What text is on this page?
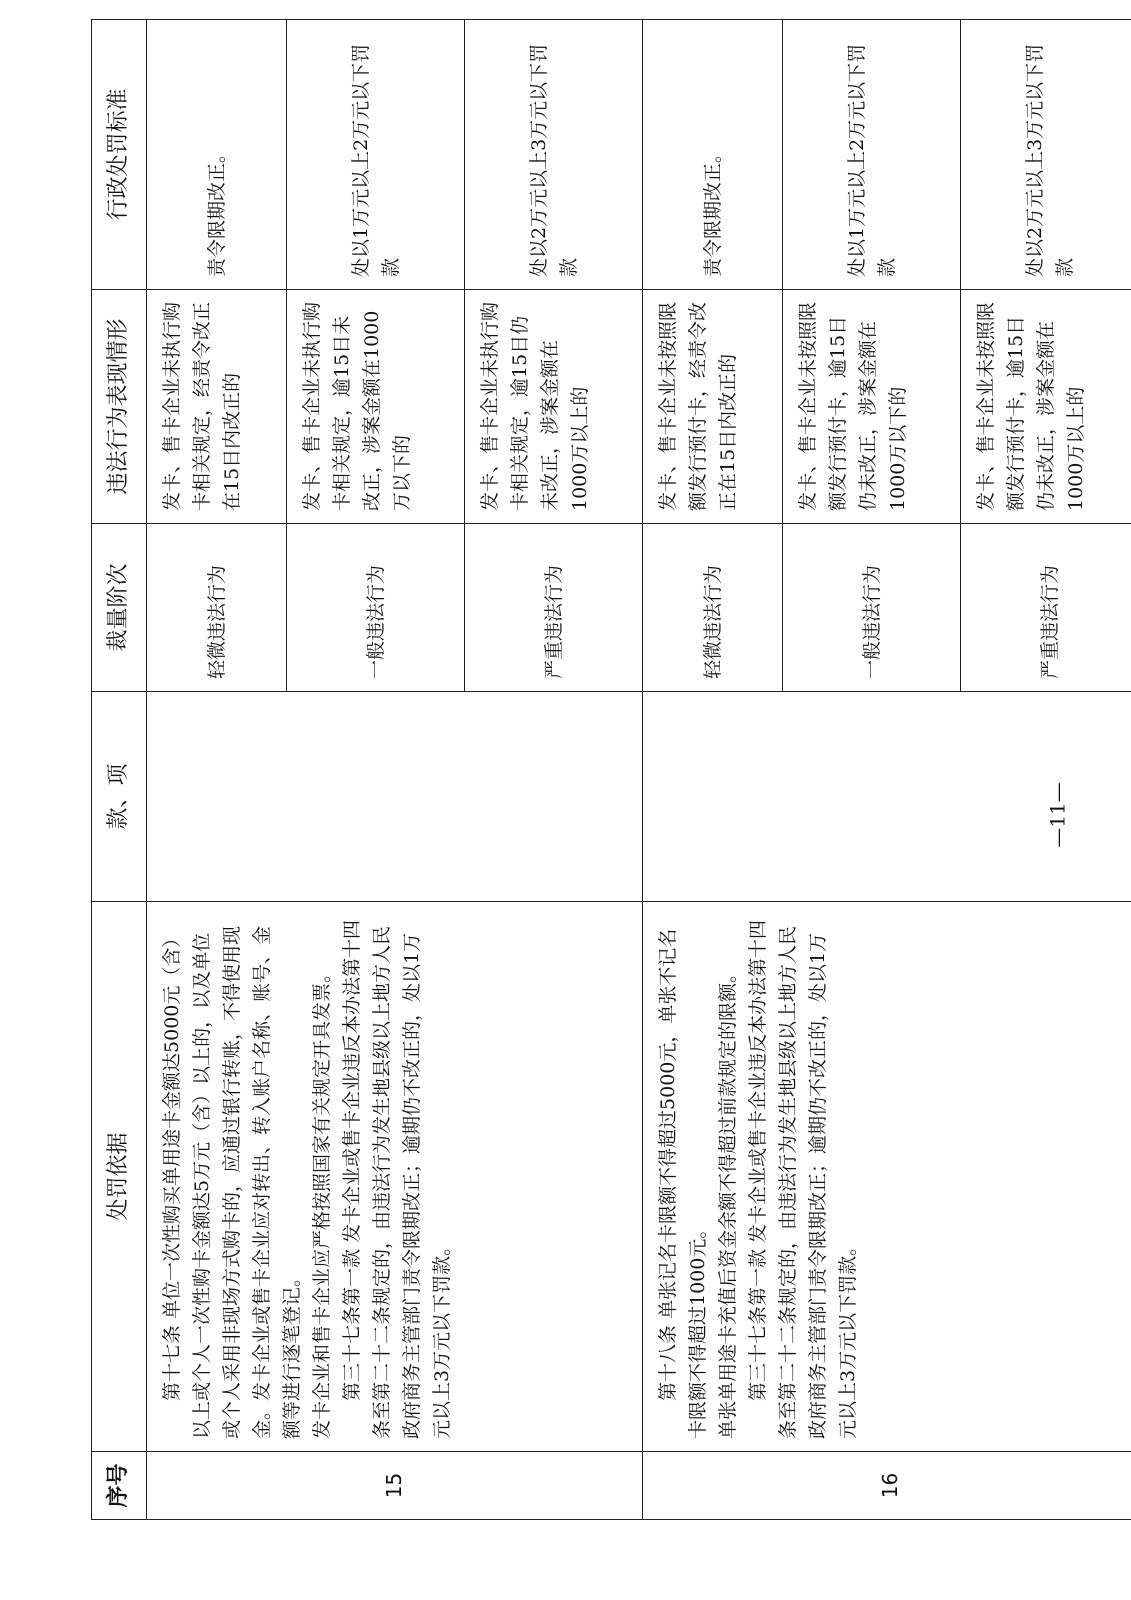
序号	处罚依据	款、项	裁量阶次	违法行为表现情形	行政处罚标准
15	第十七条 单位一次性购买单用途卡金额达5000元（含）以上或个人一次性购卡金额达5万元（含）以上的，以及单位或个人采用非现场方式购卡的，应通过银行转账，不得使用现金。发卡企业或售卡企业应对转出、转入账户名称、账号、金额等进行逐笔登记。 发卡企业和售卡企业应严格按照国家有关规定开具发票。 第三十七条第一款 发卡企业或售卡企业违反本办法第十四条至第二十二条规定的，由违法行为发生地县级以上地方人民政府商务主管部门责令限期改正；逾期仍不改正的，处以1万元以上3万元以下罚款。		轻微违法行为	发卡、售卡企业未执行购卡相关规定，经责令改正在15日内改正的	责令限期改正。
			一般违法行为	发卡、售卡企业未执行购卡相关规定，逾15日未改正，涉案金额在1000万以下的	处以1万元以上2万元以下罚款
			严重违法行为	发卡、售卡企业未执行购卡相关规定，逾15日仍未改正，涉案金额在1000万以上的	处以2万元以上3万元以下罚款
16	第十八条 单张记名卡限额不得超过5000元，单张不记名卡限额不得超过1000元。 单张单用途卡充值后资金余额不得超过前款规定的限额。 第三十七条第一款 发卡企业或售卡企业违反本办法第十四条至第二十二条规定的，由违法行为发生地县级以上地方人民政府商务主管部门责令限期改正；逾期仍不改正的，处以1万元以上3万元以下罚款。		轻微违法行为	发卡、售卡企业未按照限额发行预付卡，经责令改正在15日内改正的	责令限期改正。
			一般违法行为	发卡、售卡企业未按照限额发行预付卡，逾15日仍未改正，涉案金额在1000万以下的	处以1万元以上2万元以下罚款
			严重违法行为	发卡、售卡企业未按照限额发行预付卡，逾15日仍未改正，涉案金额在1000万以上的	处以2万元以上3万元以下罚款
—11—
